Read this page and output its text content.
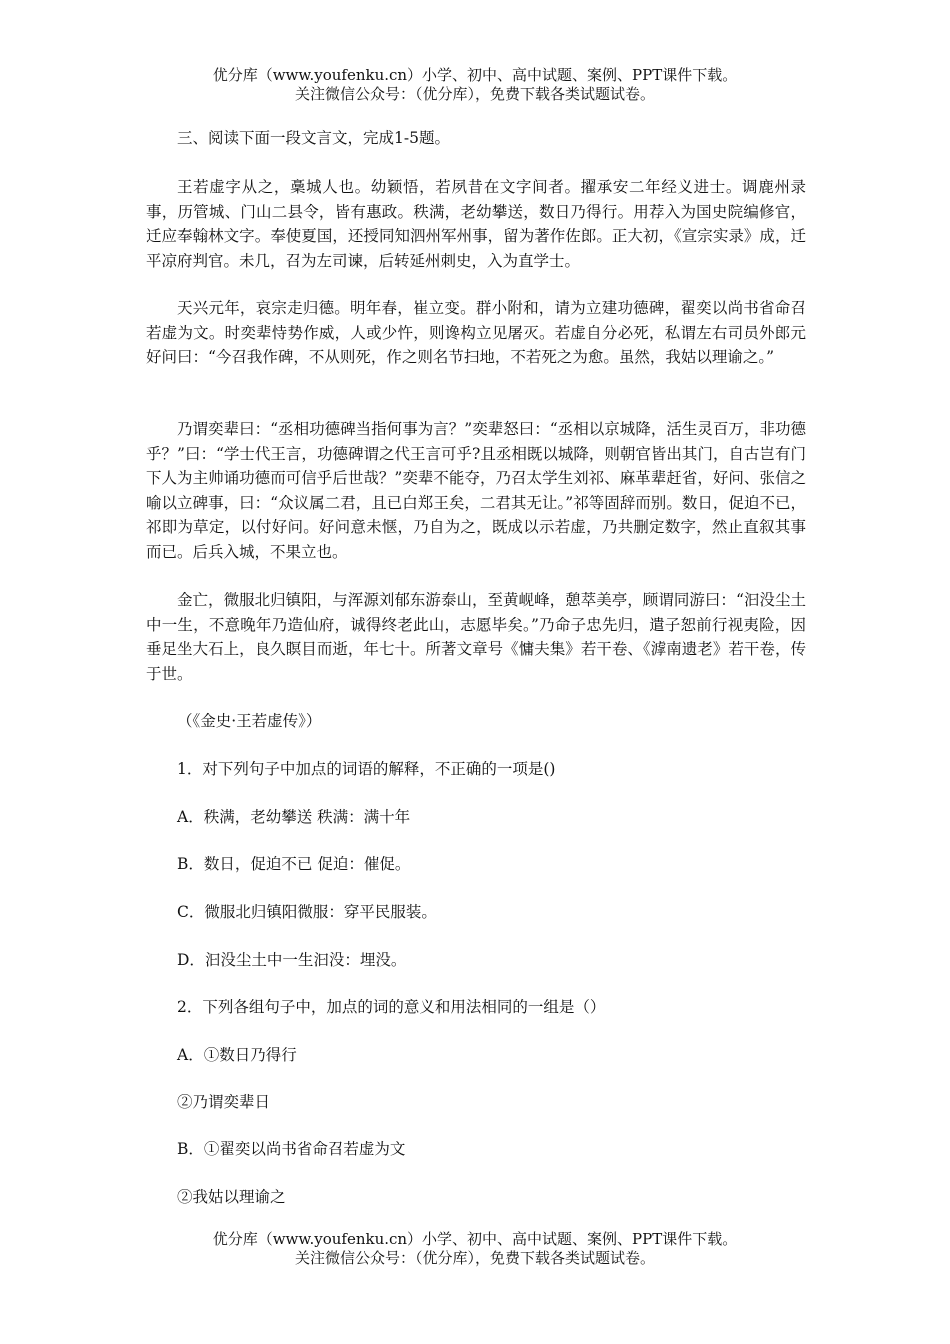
优分库（www.youfenku.cn）小学、初中、高中试题、案例、PPT课件下载。
关注微信公众号：（优分库），免费下载各类试题试卷。

三、阅读下面一段文言文，完成1-5题。

王若虚字从之，稾城人也。幼颖悟，若夙昔在文字间者。擢承安二年经义进士。调鹿州录事，历管城、门山二县令，皆有惠政。秩满，老幼攀送，数日乃得行。用荐入为国史院编修官，迁应奉翰林文字。奉使夏国，还授同知泗州军州事，留为著作佐郎。正大初，《宣宗实录》成，迁平凉府判官。未几，召为左司谏，后转延州刺史，入为直学士。

天兴元年，哀宗走归德。明年春，崔立变。群小附和，请为立建功德碑，翟奕以尚书省命召若虚为文。时奕辈恃势作威，人或少忤，则谗构立见屠灭。若虚自分必死，私谓左右司员外郎元好问曰：“今召我作碑，不从则死，作之则名节扫地，不若死之为愈。虽然，我姑以理谕之。”

乃谓奕辈曰：“丞相功德碑当指何事为言？”奕辈怒曰：“丞相以京城降，活生灵百万，非功德乎？”曰：“学士代王言，功德碑谓之代王言可乎?且丞相既以城降，则朝官皆出其门，自古岂有门下人为主帅诵功德而可信乎后世哉？”奕辈不能夺，乃召太学生刘祁、麻革辈赶省，好问、张信之喻以立碑事，曰：“众议属二君，且已白郑王矣，二君其无让。”祁等固辞而别。数日，促迫不已，祁即为草定，以付好问。好问意未惬，乃自为之，既成以示若虚，乃共删定数字，然止直叙其事而已。后兵入城，不果立也。

金亡，微服北归镇阳，与浑源刘郁东游泰山，至黄岘峰，憩萃美亭，顾谓同游曰：“汩没尘土中一生，不意晚年乃造仙府，诚得终老此山，志愿毕矣。”乃命子忠先归，遣子恕前行视夷险，因垂足坐大石上，良久瞑目而逝，年七十。所著文章号《慵夫集》若干卷、《滹南遗老》若干卷，传于世。

（《金史·王若虚传》）

1．对下列句子中加点的词语的解释，不正确的一项是()

A．秩满，老幼攀送 秩满：满十年

B．数日，促迫不已 促迫：催促。

C．微服北归镇阳微服：穿平民服装。

D．汩没尘土中一生汩没：埋没。

2．下列各组句子中，加点的词的意义和用法相同的一组是（）

A．①数日乃得行

②乃谓奕辈日

B．①翟奕以尚书省命召若虚为文

②我姑以理谕之

优分库（www.youfenku.cn）小学、初中、高中试题、案例、PPT课件下载。
关注微信公众号：（优分库），免费下载各类试题试卷。
